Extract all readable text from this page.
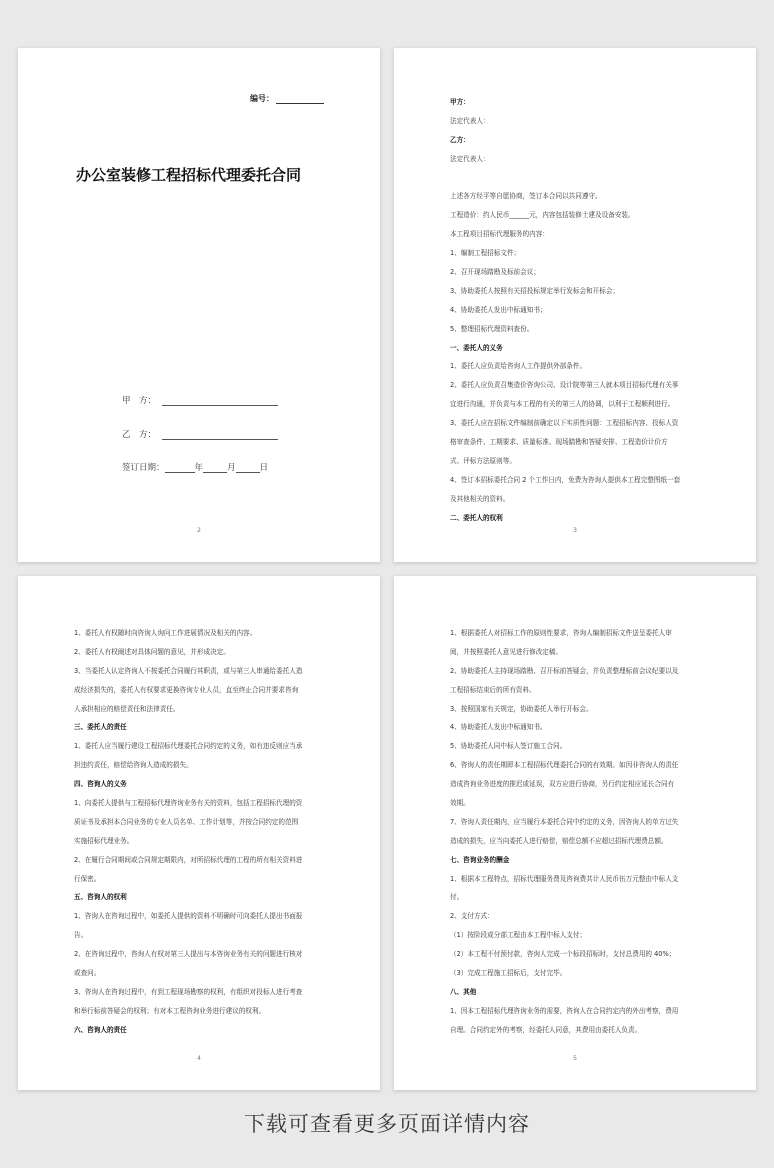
编号：
办公室装修工程招标代理委托合同
甲　方：
乙　方：
签订日期：	年	月	日
2
甲方：
法定代表人：
乙方：
法定代表人：
上述各方经平等自愿协商，签订本合同以共同遵守。
工程造价：约人民币______元，内容包括装修土建及设备安装。
本工程项目招标代理服务的内容：
1、编制工程招标文件；
2、召开现场踏勘及标前会议；
3、协助委托人按照有关招投标规定举行发标会和开标会；
4、协助委托人发出中标通知书；
5、整理招标代理资料查份。
一、委托人的义务
1、委托人应负责给咨询人工作提供外部条件。
2、委托人应负责召集造价咨询公司、设计院等第三人就本项目招标代理有关事
宜进行沟通，并负责与本工程的有关的第三人的协调，以利于工程顺利进行。
3、委托人应在招标文件编制前确定以下实质性问题：工程招标内容、投标人资
格审查条件、工期要求、质量标准、现场踏勘和答疑安排、工程造价计价方
式、评标方法原则等。
4、签订本招标委托合同 2 个工作日内，免费为咨询人提供本工程完整图纸一套
及其他相关的资料。
二、委托人的权利
3
1、委托人有权随时向咨询人询问工作进展情况及相关的内容。
2、委托人有权阐述对具体问题的意见，并形成决定。
3、当委托人认定咨询人不按委托合同履行其职责，或与第三人串通给委托人造
成经济损失的，委托人有权要求更换咨询专业人员，直至终止合同并要求咨询
人承担相应的赔偿责任和法律责任。
三、委托人的责任
1、委托人应当履行建设工程招标代理委托合同约定的义务，如有违反则应当承
担违约责任，赔偿给咨询人造成的损失。
四、咨询人的义务
1、向委托人提供与工程招标代理咨询业务有关的资料，包括工程招标代理的资
质证书及承担本合同业务的专业人员名单、工作计划等，并按合同约定的范围
实施招标代理业务。
2、在履行合同期间或合同规定期限内，对所招标代理的工程的所有相关资料进
行保密。
五、咨询人的权利
1、咨询人在咨询过程中，如委托人提供的资料不明确时可向委托人提出书面报
告。
2、在咨询过程中，咨询人有权对第三人提出与本咨询业务有关的问题进行核对
或查问。
3、咨询人在咨询过程中，有到工程现场勘察的权利，有组织对投标人进行考查
和举行标前答疑会的权利；有对本工程咨询业务进行建议的权利。
六、咨询人的责任
4
1、根据委托人对招标工作的原则性要求，咨询人编制招标文件送呈委托人审
阅，并按照委托人意见进行修改定稿。
2、协助委托人主持现场踏勘、召开标前答疑会，并负责整理标前会议纪要以及
工程招标结束后的所有资料。
3、按照国家有关规定，协助委托人举行开标会。
4、协助委托人发出中标通知书。
5、协助委托人同中标人签订施工合同。
6、咨询人的责任期即本工程招标代理委托合同的有效期。如因非咨询人的责任
造成咨询业务进度的推迟或延误，双方应进行协商，另行约定相应延长合同有
效期。
7、咨询人责任期内，应当履行本委托合同中约定的义务，因咨询人的单方过失
造成的损失，应当向委托人进行赔偿，赔偿总额不应超过招标代理费总额。
七、咨询业务的酬金
1、根据本工程特点，招标代理服务费及咨询费共计人民币伍万元整由中标人支
付。
2、支付方式：
（1）按阶段或分部工程由本工程中标人支付；
（2）本工程不付预付款，咨询人完成一个标段招标时，支付总费用的 40%；
（3）完成工程施工招标后，支付完毕。
八、其他
1、因本工程招标代理咨询业务的需要，咨询人在合同约定内的外出考察，费用
自理。合同约定外的考察，经委托人同意，其费用由委托人负责。
5
下载可查看更多页面详情内容
